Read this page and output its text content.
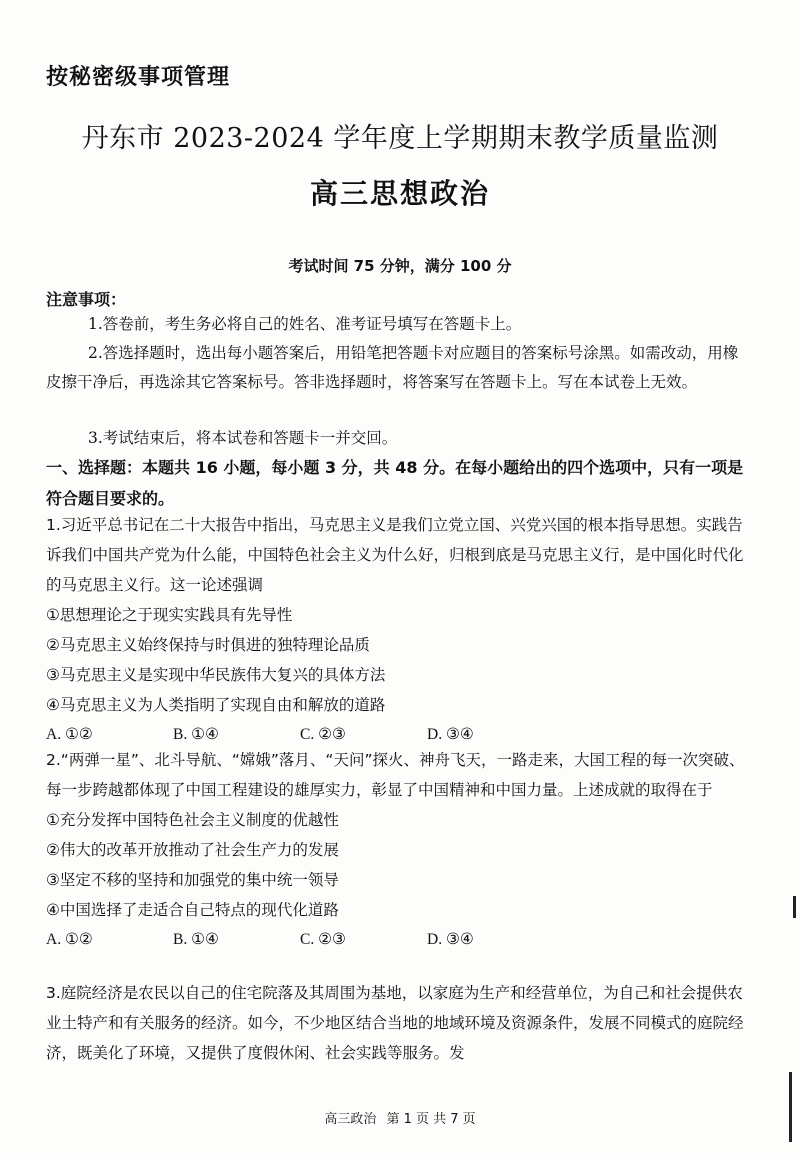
按秘密级事项管理
丹东市 2023-2024 学年度上学期期末教学质量监测
高三思想政治
考试时间 75 分钟，满分 100 分
注意事项：
1.答卷前，考生务必将自己的姓名、准考证号填写在答题卡上。
2.答选择题时，选出每小题答案后，用铅笔把答题卡对应题目的答案标号涂黑。如需改动，用橡皮擦干净后，再选涂其它答案标号。答非选择题时，将答案写在答题卡上。写在本试卷上无效。
3.考试结束后，将本试卷和答题卡一并交回。
一、选择题：本题共 16 小题，每小题 3 分，共 48 分。在每小题给出的四个选项中，只有一项是符合题目要求的。
1.习近平总书记在二十大报告中指出，马克思主义是我们立党立国、兴党兴国的根本指导思想。实践告诉我们中国共产党为什么能，中国特色社会主义为什么好，归根到底是马克思主义行，是中国化时代化的马克思主义行。这一论述强调
①思想理论之于现实实践具有先导性
②马克思主义始终保持与时俱进的独特理论品质
③马克思主义是实现中华民族伟大复兴的具体方法
④马克思主义为人类指明了实现自由和解放的道路
A. ①②	B. ①④	C. ②③	D. ③④
2.“两弹一星”、北斗导航、“嫦娥”落月、“天问”探火、神舟飞天，一路走来，大国工程的每一次突破、每一步跨越都体现了中国工程建设的雄厚实力，彰显了中国精神和中国力量。上述成就的取得在于
①充分发挥中国特色社会主义制度的优越性
②伟大的改革开放推动了社会生产力的发展
③坚定不移的坚持和加强党的集中统一领导
④中国选择了走适合自己特点的现代化道路
A. ①②	B. ①④	C. ②③	D. ③④
3.庭院经济是农民以自己的住宅院落及其周围为基地，以家庭为生产和经营单位，为自己和社会提供农业土特产和有关服务的经济。如今，不少地区结合当地的地域环境及资源条件，发展不同模式的庭院经济，既美化了环境，又提供了度假休闲、社会实践等服务。发
高三政治 第 1 页 共 7 页
